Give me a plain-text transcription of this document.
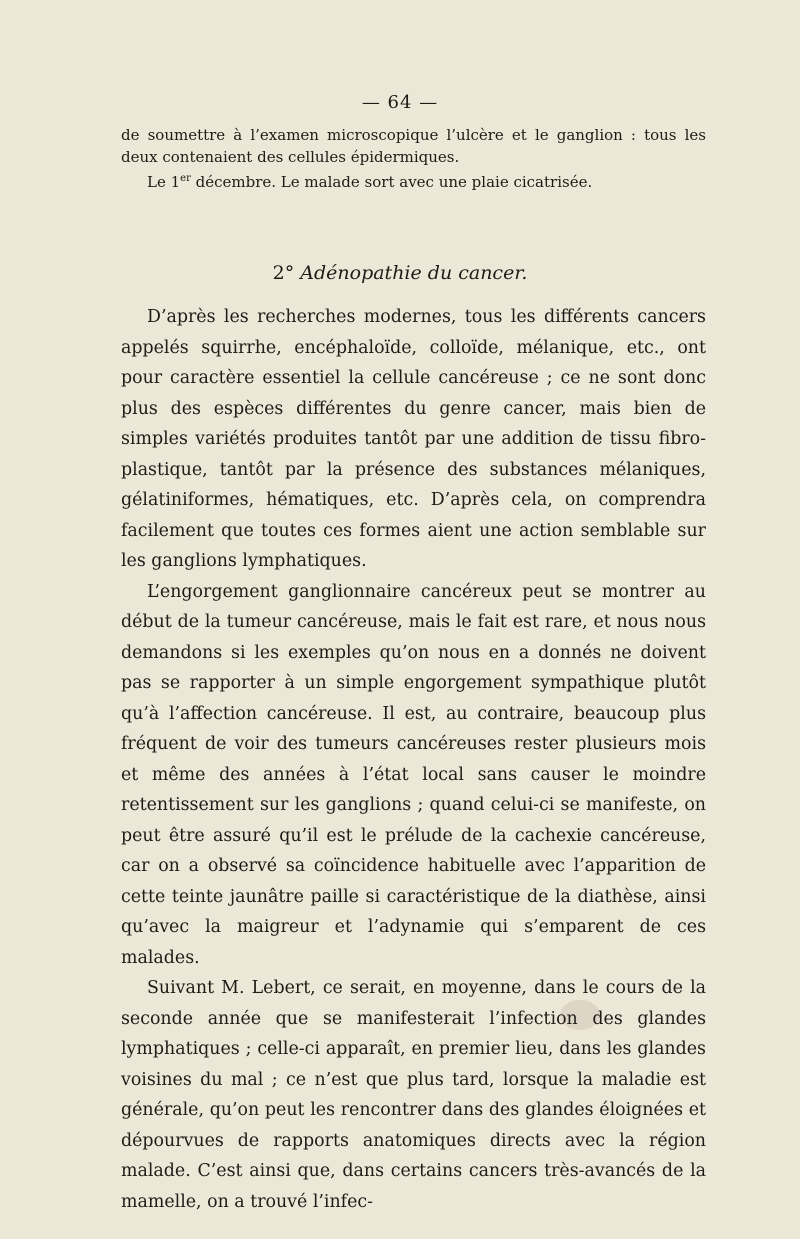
— 64 —

de soumettre à l’examen microscopique l’ulcère et le ganglion : tous les deux contenaient des cellules épidermiques.

Le 1er décembre. Le malade sort avec une plaie cicatrisée.

2° Adénopathie du cancer.

D’après les recherches modernes, tous les différents cancers appelés squirrhe, encéphaloïde, colloïde, mélanique, etc., ont pour caractère essentiel la cellule cancéreuse ; ce ne sont donc plus des espèces différentes du genre cancer, mais bien de simples variétés produites tantôt par une addition de tissu fibro-plastique, tantôt par la présence des substances mélaniques, gélatiniformes, hématiques, etc. D’après cela, on comprendra facilement que toutes ces formes aient une action semblable sur les ganglions lymphatiques.

L’engorgement ganglionnaire cancéreux peut se montrer au début de la tumeur cancéreuse, mais le fait est rare, et nous nous demandons si les exemples qu’on nous en a donnés ne doivent pas se rapporter à un simple engorgement sympathique plutôt qu’à l’affection cancéreuse. Il est, au contraire, beaucoup plus fréquent de voir des tumeurs cancéreuses rester plusieurs mois et même des années à l’état local sans causer le moindre retentissement sur les ganglions ; quand celui-ci se manifeste, on peut être assuré qu’il est le prélude de la cachexie cancéreuse, car on a observé sa coïncidence habituelle avec l’apparition de cette teinte jaunâtre paille si caractéristique de la diathèse, ainsi qu’avec la maigreur et l’adynamie qui s’emparent de ces malades.

Suivant M. Lebert, ce serait, en moyenne, dans le cours de la seconde année que se manifesterait l’infection des glandes lymphatiques ; celle-ci apparaît, en premier lieu, dans les glandes voisines du mal ; ce n’est que plus tard, lorsque la maladie est générale, qu’on peut les rencontrer dans des glandes éloignées et dépourvues de rapports anatomiques directs avec la région malade. C’est ainsi que, dans certains cancers très-avancés de la mamelle, on a trouvé l’infec-
